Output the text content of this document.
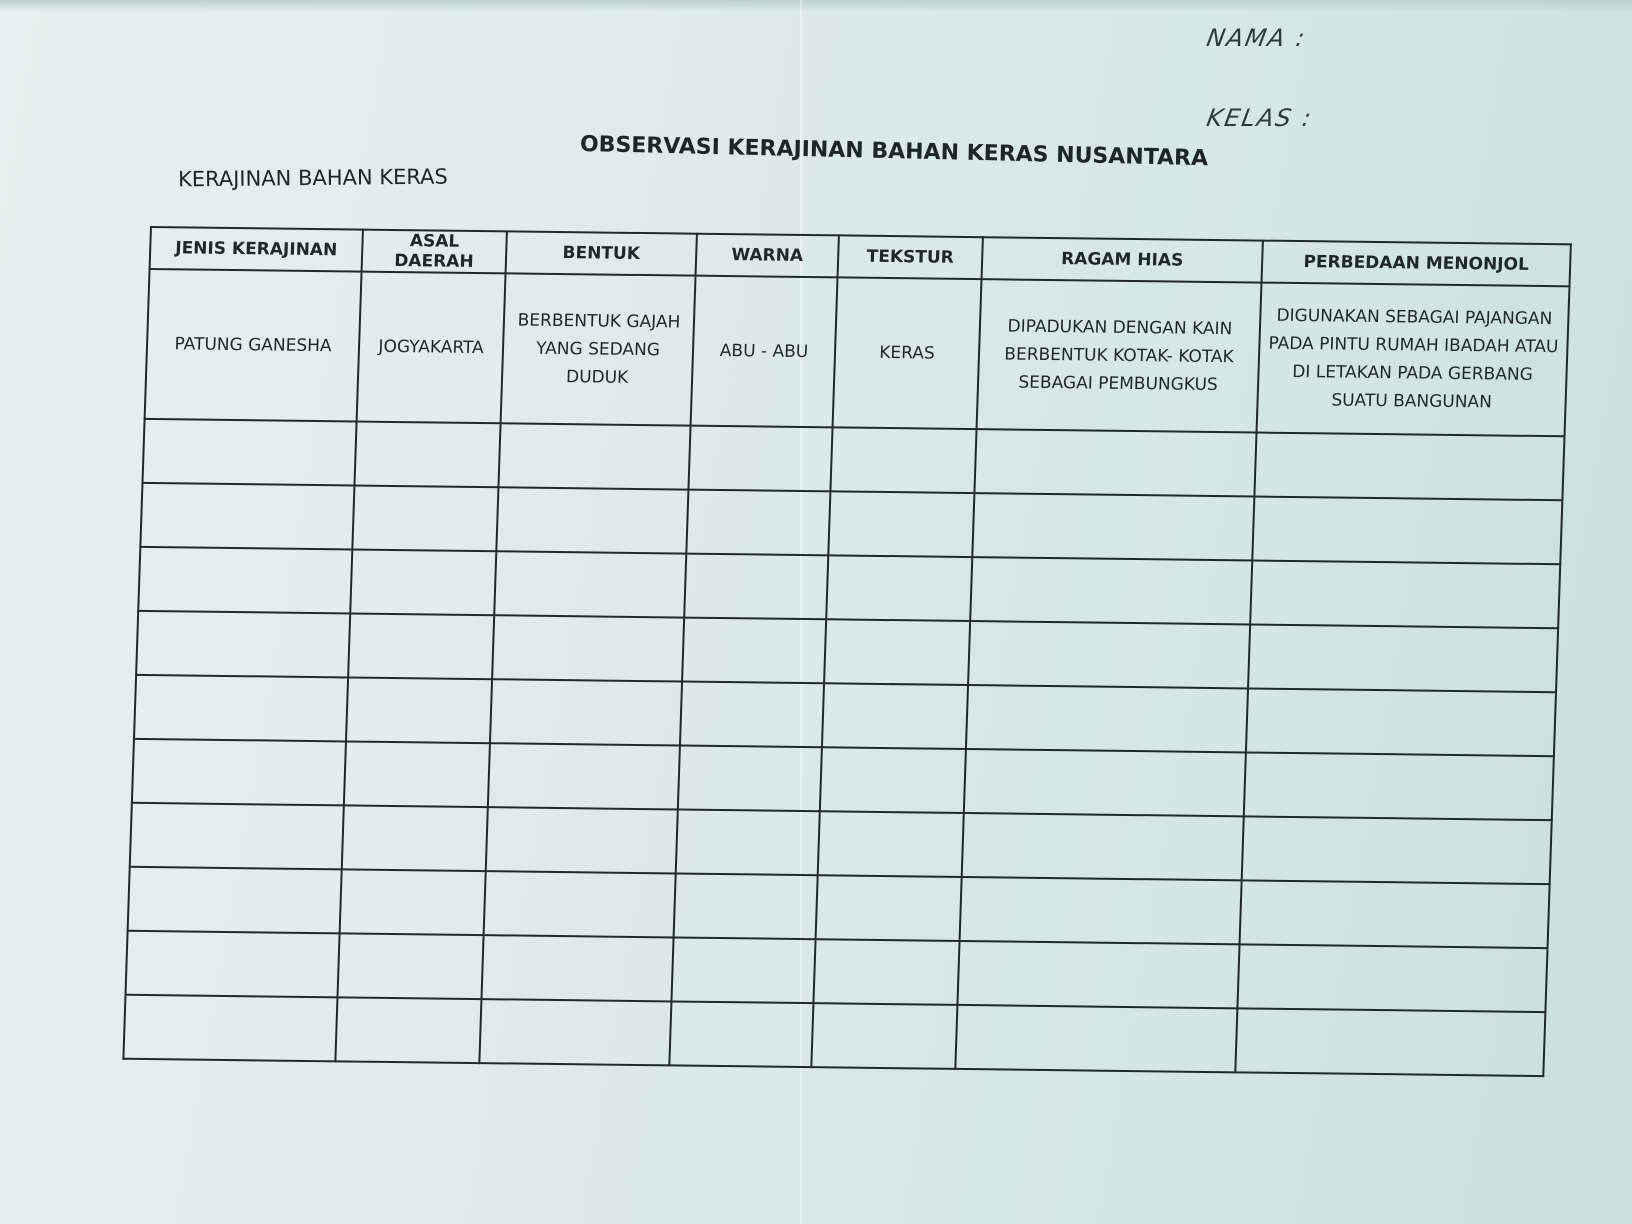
NAMA :
KELAS :
OBSERVASI KERAJINAN BAHAN KERAS NUSANTARA
KERAJINAN BAHAN KERAS
JENIS KERAJINAN	ASAL DAERAH	BENTUK	WARNA	TEKSTUR	RAGAM HIAS	PERBEDAAN MENONJOL
PATUNG GANESHA	JOGYAKARTA	BERBENTUK GAJAH YANG SEDANG DUDUK	ABU - ABU	KERAS	DIPADUKAN DENGAN KAIN BERBENTUK KOTAK- KOTAK SEBAGAI PEMBUNGKUS	DIGUNAKAN SEBAGAI PAJANGAN PADA PINTU RUMAH IBADAH ATAU DI LETAKAN PADA GERBANG SUATU BANGUNAN
